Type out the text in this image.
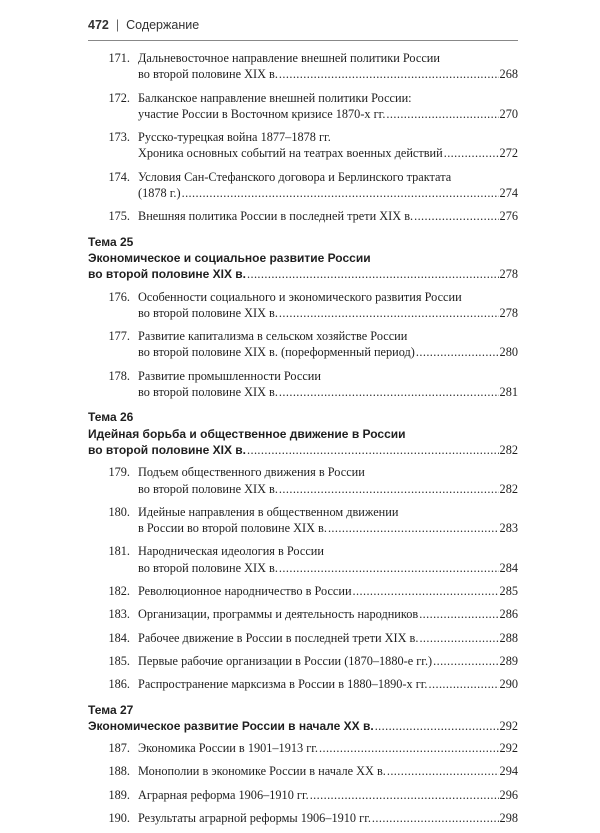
472 | Содержание
171. Дальневосточное направление внешней политики России
во второй половине XIX в. .....	268
172. Балканское направление внешней политики России:
участие России в Восточном кризисе 1870-х гг. .....	270
173. Русско-турецкая война 1877–1878 гг.
Хроника основных событий на театрах военных действий .....	272
174. Условия Сан-Стефанского договора и Берлинского трактата
(1878 г.) .....	274
175. Внешняя политика России в последней трети XIX в. .....	276
Тема 25
Экономическое и социальное развитие России
во второй половине XIX в. .....	278
176. Особенности социального и экономического развития России
во второй половине XIX в. .....	278
177. Развитие капитализма в сельском хозяйстве России
во второй половине XIX в. (пореформенный период) .....	280
178. Развитие промышленности России
во второй половине XIX в. .....	281
Тема 26
Идейная борьба и общественное движение в России
во второй половине XIX в. .....	282
179. Подъем общественного движения в России
во второй половине XIX в. .....	282
180. Идейные направления в общественном движении
в России во второй половине XIX в. .....	283
181. Народническая идеология в России
во второй половине XIX в. .....	284
182. Революционное народничество в России .....	285
183. Организации, программы и деятельность народников .....	286
184. Рабочее движение в России в последней трети XIX в. .....	288
185. Первые рабочие организации в России (1870–1880-е гг.) .....	289
186. Распространение марксизма в России в 1880–1890-х гг. .....	290
Тема 27
Экономическое развитие России в начале XX в. .....	292
187. Экономика России в 1901–1913 гг. .....	292
188. Монополии в экономике России в начале XX в. .....	294
189. Аграрная реформа 1906–1910 гг. .....	296
190. Результаты аграрной реформы 1906–1910 гг. .....	298
